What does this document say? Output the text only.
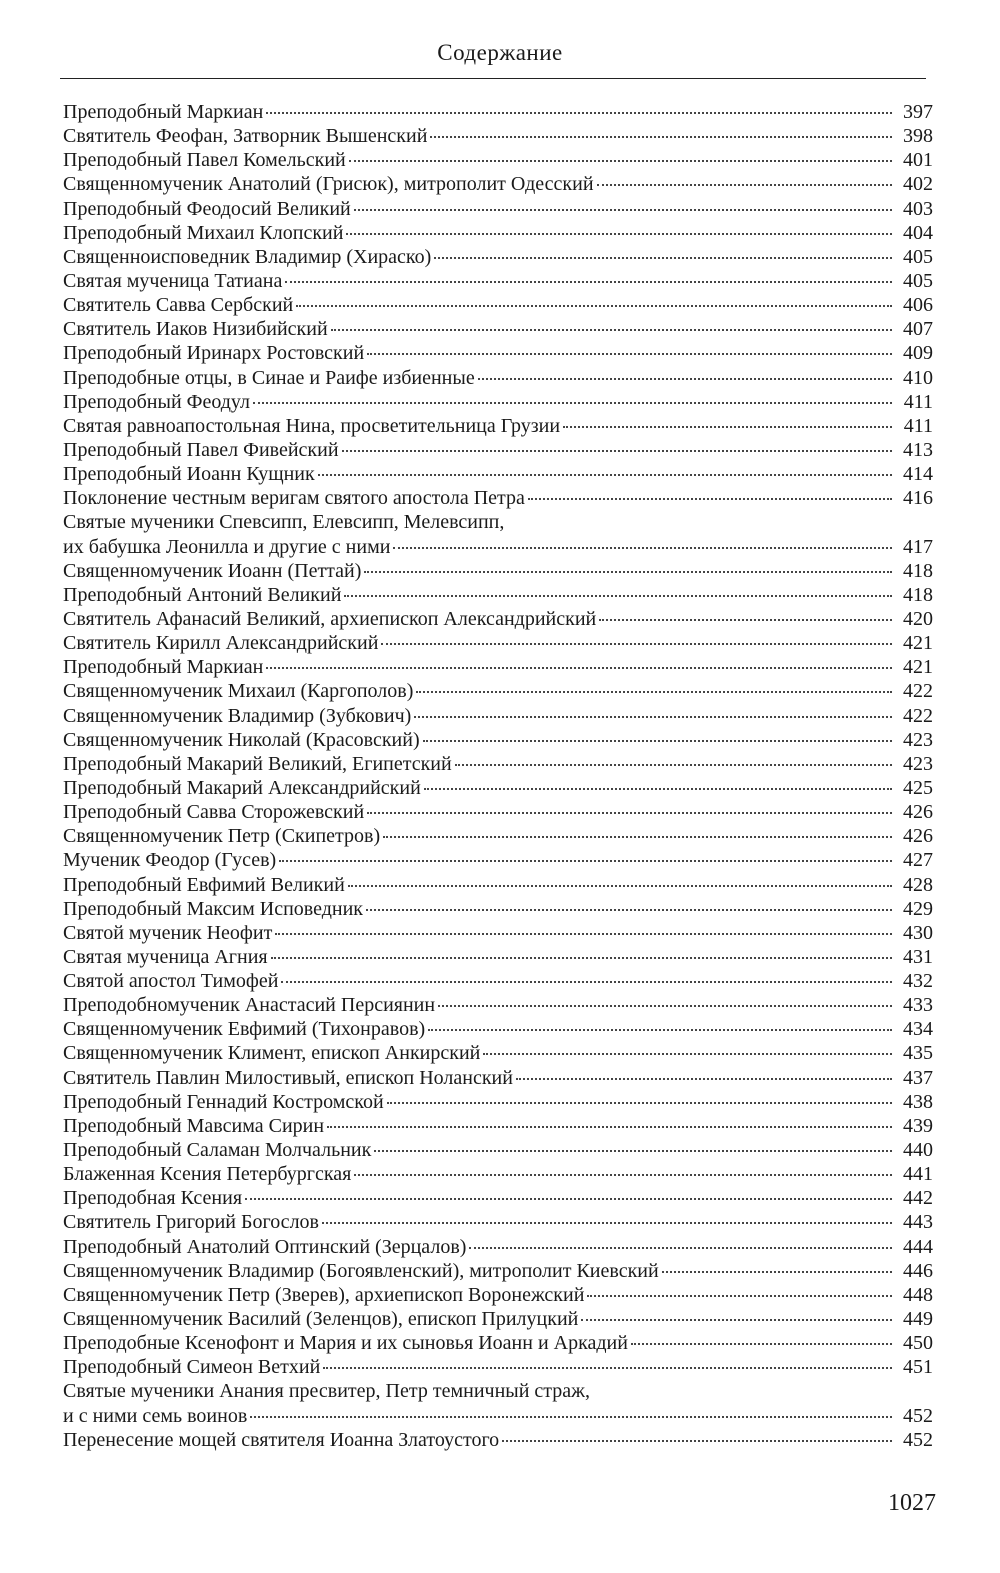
Содержание
Преподобный Маркиан	397
Святитель Феофан, Затворник Вышенский	398
Преподобный Павел Комельский	401
Священномученик Анатолий (Грисюк), митрополит Одесский	402
Преподобный Феодосий Великий	403
Преподобный Михаил Клопский	404
Священноисповедник Владимир (Хираско)	405
Святая мученица Татиана	405
Святитель Савва Сербский	406
Святитель Иаков Низибийский	407
Преподобный Иринарх Ростовский	409
Преподобные отцы, в Синае и Раифе избиенные	410
Преподобный Феодул	411
Святая равноапостольная Нина, просветительница Грузии	411
Преподобный Павел Фивейский	413
Преподобный Иоанн Кущник	414
Поклонение честным веригам святого апостола Петра	416
Святые мученики Спевсипп, Елевсипп, Мелевсипп,
их бабушка Леонилла и другие с ними	417
Священномученик Иоанн (Петтай)	418
Преподобный Антоний Великий	418
Святитель Афанасий Великий, архиепископ Александрийский	420
Святитель Кирилл Александрийский	421
Преподобный Маркиан	421
Священномученик Михаил (Каргополов)	422
Священномученик Владимир (Зубкович)	422
Священномученик Николай (Красовский)	423
Преподобный Макарий Великий, Египетский	423
Преподобный Макарий Александрийский	425
Преподобный Савва Сторожевский	426
Священномученик Петр (Скипетров)	426
Мученик Феодор (Гусев)	427
Преподобный Евфимий Великий	428
Преподобный Максим Исповедник	429
Святой мученик Неофит	430
Святая мученица Агния	431
Святой апостол Тимофей	432
Преподобномученик Анастасий Персиянин	433
Священномученик Евфимий (Тихонравов)	434
Священномученик Климент, епископ Анкирский	435
Святитель Павлин Милостивый, епископ Ноланский	437
Преподобный Геннадий Костромской	438
Преподобный Мавсима Сирин	439
Преподобный Саламан Молчальник	440
Блаженная Ксения Петербургская	441
Преподобная Ксения	442
Святитель Григорий Богослов	443
Преподобный Анатолий Оптинский (Зерцалов)	444
Священномученик Владимир (Богоявленский), митрополит Киевский	446
Священномученик Петр (Зверев), архиепископ Воронежский	448
Священномученик Василий (Зеленцов), епископ Прилуцкий	449
Преподобные Ксенофонт и Мария и их сыновья Иоанн и Аркадий	450
Преподобный Симеон Ветхий	451
Святые мученики Анания пресвитер, Петр темничный страж,
и с ними семь воинов	452
Перенесение мощей святителя Иоанна Златоустого	452
1027
